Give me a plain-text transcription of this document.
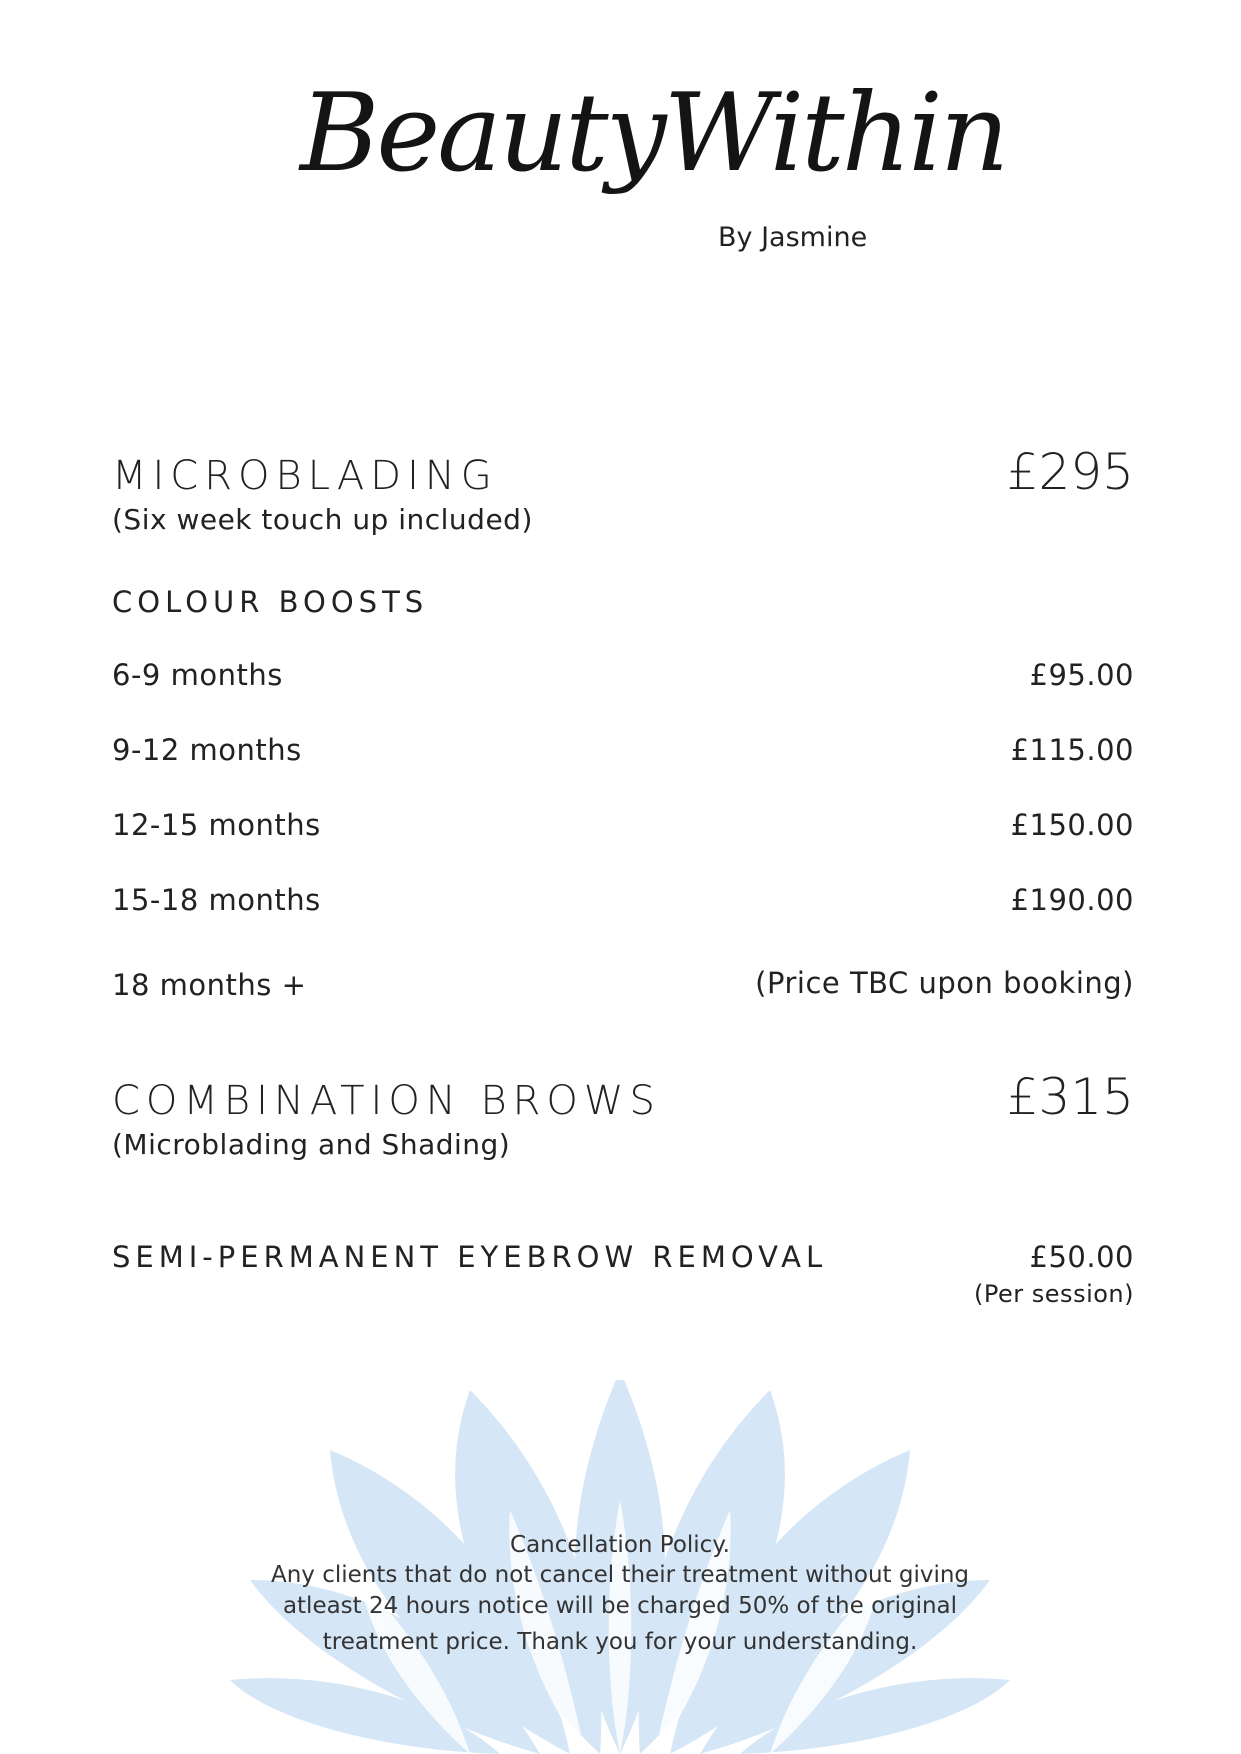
BeautyWithin
By Jasmine
MICROBLADING	£295
(Six week touch up included)
COLOUR BOOSTS
6-9 months	£95.00
9-12 months	£115.00
12-15 months	£150.00
15-18 months	£190.00
18 months +	(Price TBC upon booking)
COMBINATION BROWS	£315
(Microblading and Shading)
SEMI-PERMANENT EYEBROW REMOVAL	£50.00
(Per session)
Cancellation Policy.
Any clients that do not cancel their treatment without giving
atleast 24 hours notice will be charged 50% of the original
treatment price. Thank you for your understanding.
